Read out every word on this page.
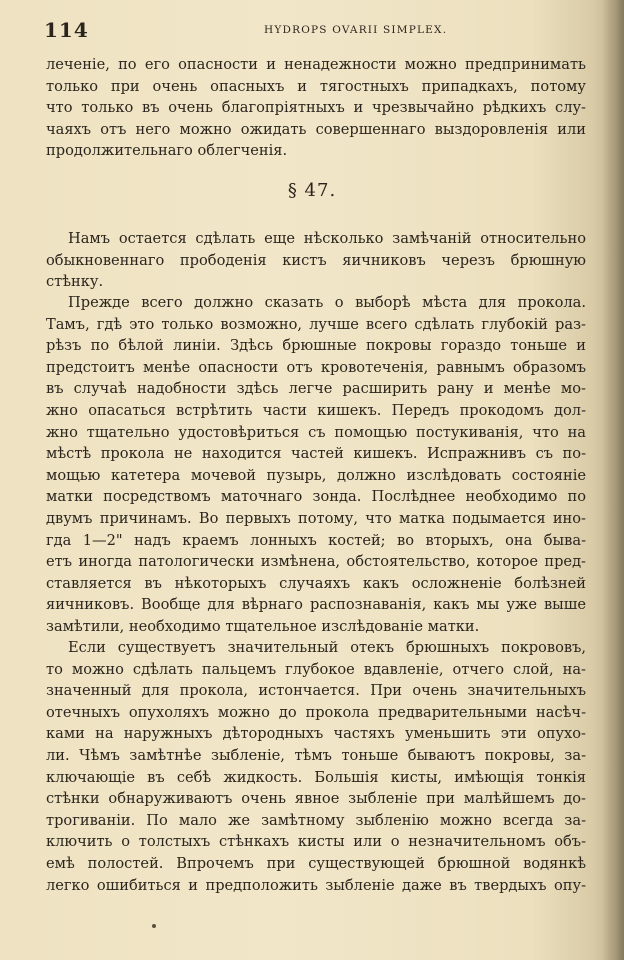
114	HYDROPS OVARII SIMPLEX.
леченіе, по его опасности и ненадежности можно предпринимать
только при очень опасныхъ и тягостныхъ припадкахъ, потому
что только въ очень благопріятныхъ и чрезвычайно рѣдкихъ слу-
чаяхъ отъ него можно ожидать совершеннаго выздоровленія или
продолжительнаго облегченія.
§ 47.
Намъ остается сдѣлать еще нѣсколько замѣчаній относительно
обыкновеннаго прободенія кистъ яичниковъ черезъ брюшную
стѣнку.
Прежде всего должно сказать о выборѣ мѣста для прокола.
Тамъ, гдѣ это только возможно, лучше всего сдѣлать глубокій раз-
рѣзъ по бѣлой линіи. Здѣсь брюшные покровы гораздо тоньше и
предстоитъ менѣе опасности отъ кровотеченія, равнымъ образомъ
въ случаѣ надобности здѣсь легче расширить рану и менѣе мо-
жно опасаться встрѣтить части кишекъ. Передъ прокодомъ дол-
жно тщательно удостовѣриться съ помощью постукиванія, что на
мѣстѣ прокола не находится частей кишекъ. Испражнивъ съ по-
мощью катетера мочевой пузырь, должно изслѣдовать состояніе
матки посредствомъ маточнаго зонда. Послѣднее необходимо по
двумъ причинамъ. Во первыхъ потому, что матка подымается ино-
гда 1—2" надъ краемъ лонныхъ костей; во вторыхъ, она быва-
етъ иногда патологически измѣнена, обстоятельство, которое пред-
ставляется въ нѣкоторыхъ случаяхъ какъ осложненіе болѣзней
яичниковъ. Вообще для вѣрнаго распознаванія, какъ мы уже выше
замѣтили, необходимо тщательное изслѣдованіе матки.
Если существуетъ значительный отекъ брюшныхъ покрововъ,
то можно сдѣлать пальцемъ глубокое вдавленіе, отчего слой, на-
значенный для прокола, истончается. При очень значительныхъ
отечныхъ опухоляхъ можно до прокола предварительными насѣч-
ками на наружныхъ дѣтородныхъ частяхъ уменьшить эти опухо-
ли. Чѣмъ замѣтнѣе зыбленіе, тѣмъ тоньше бываютъ покровы, за-
ключающіе въ себѣ жидкость. Большія кисты, имѣющія тонкія
стѣнки обнаруживаютъ очень явное зыбленіе при малѣйшемъ до-
трогиваніи. По мало же замѣтному зыбленію можно всегда за-
ключить о толстыхъ стѣнкахъ кисты или о незначительномъ объ-
емѣ полостей. Впрочемъ при существующей брюшной водянкѣ
легко ошибиться и предположить зыбленіе даже въ твердыхъ опу-
